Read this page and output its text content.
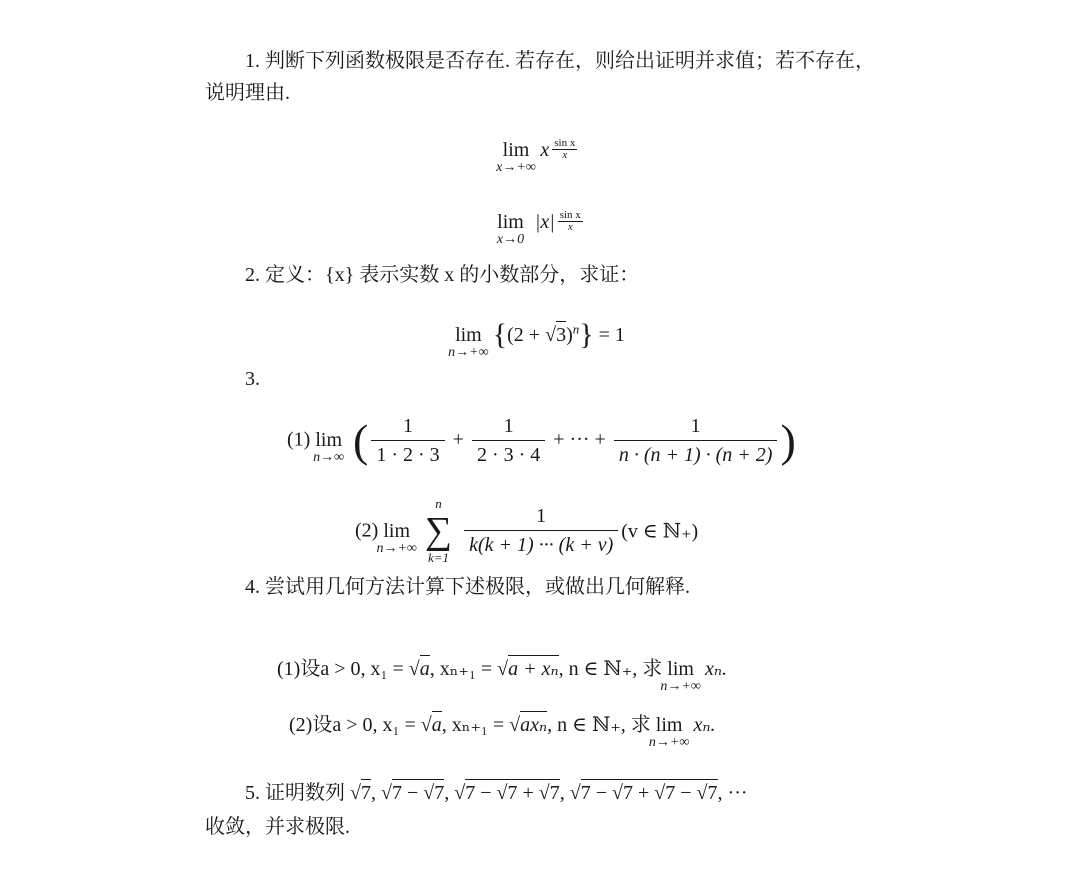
1. 判断下列函数极限是否存在. 若存在，则给出证明并求值；若不存在，
说明理由.
lim
x→+∞
x $\frac{\text{sin x}}{x}$
lim
x→0
$|x| \frac{\text{sin x}}{x}$
2. 定义：{x} 表示实数 x 的小数部分，求证：
lim
n→+∞
$\{(2 + √3)^n\} = 1$
3.
(1) lim
n→∞ ( $\frac{1}{1 \cdot 2 \cdot 3} + \frac{1}{2 \cdot 3 \cdot 4}$ + ··· + $\frac{1}{n \cdot (n + 1) \cdot (n + 2)}$ )
(2) lim
n→+∞

n
∑
k=1

$\frac{1}{k(k + 1) \cdot\cdot\cdot (k + v)} (v$ ∈ ℕ₊)
4. 尝试用几何方法计算下述极限，或做出几何解释.
(1)设a > 0, x₁ = √a, xₙ₊₁ = √a + xₙ, n ∈ ℕ₊, 求 lim
n→+∞
xₙ.
(2)设a > 0, x₁ = √a, xₙ₊₁ = √axₙ, n ∈ ℕ₊, 求 lim
n→+∞
xₙ.
5. 证明数列 √7, √7 − √7, √7 − √7 + √7, √7 − √7 + √7 − √7, ···
收敛，并求极限.
